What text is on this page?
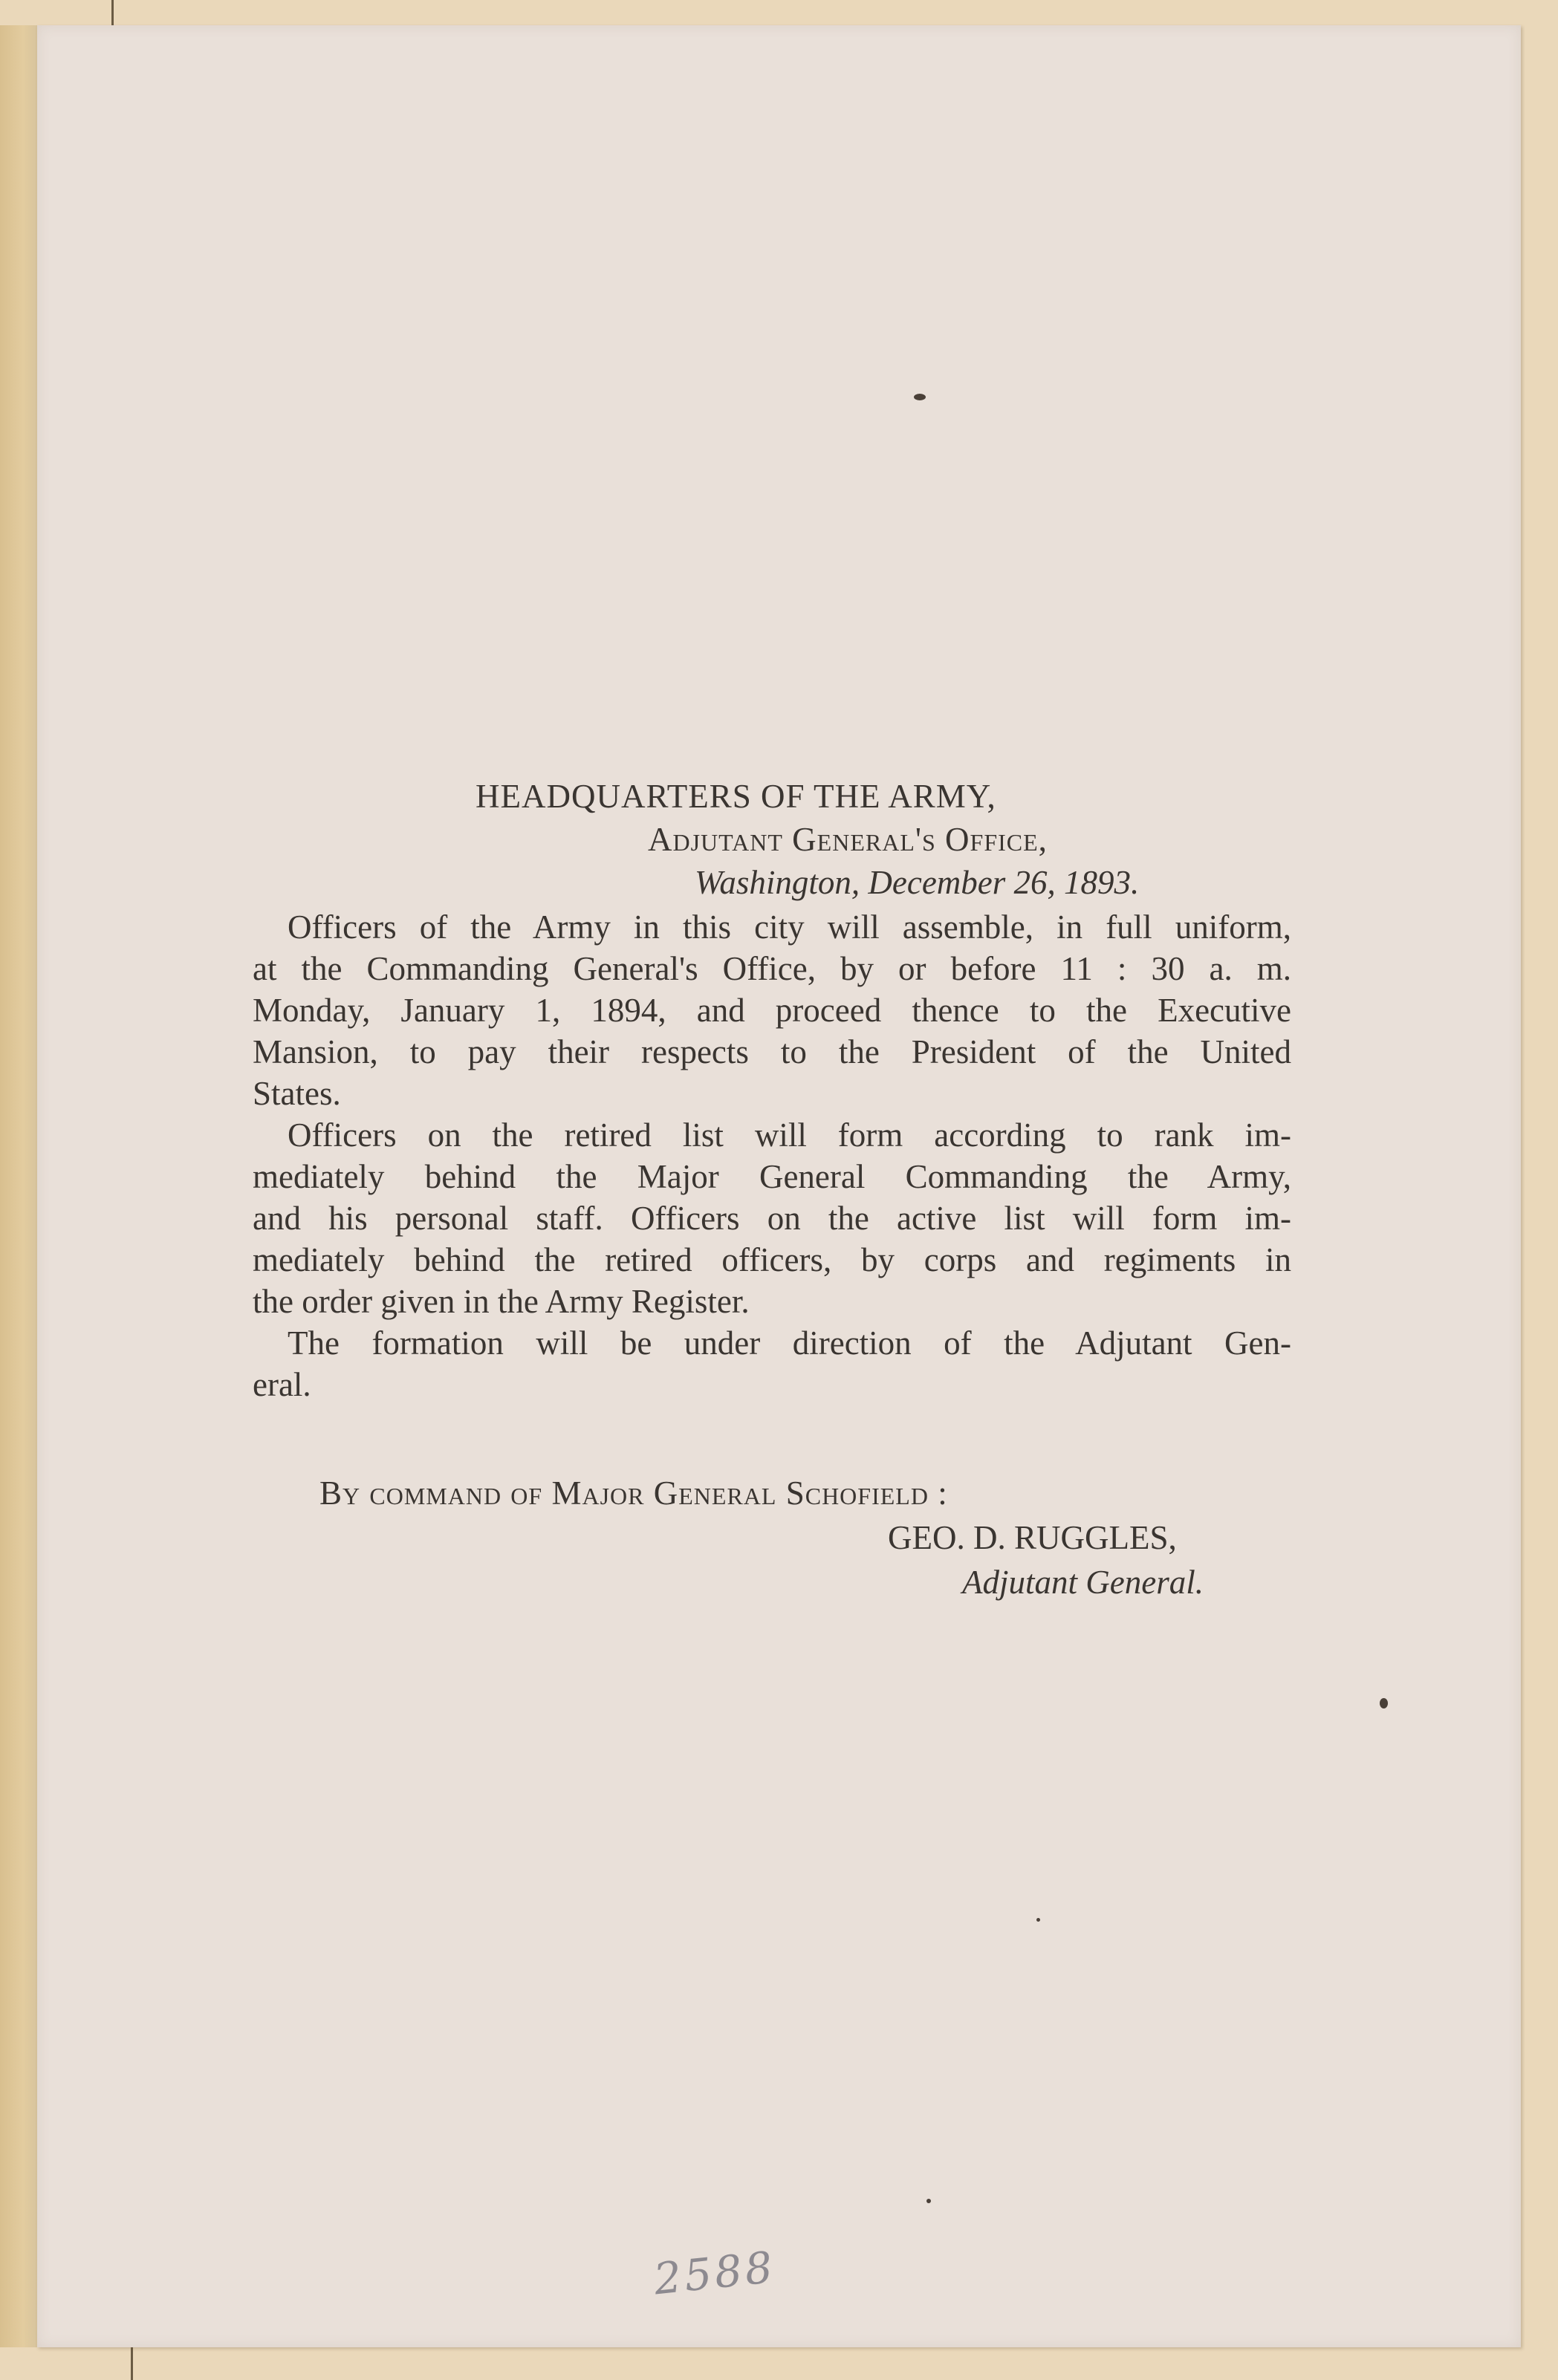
HEADQUARTERS OF THE ARMY,
Adjutant General's Office,
Washington, December 26, 1893.

Officers of the Army in this city will assemble, in full uniform,
at the Commanding General's Office, by or before 11 : 30 a. m.
Monday, January 1, 1894, and proceed thence to the Executive
Mansion, to pay their respects to the President of the United
States.

Officers on the retired list will form according to rank im-
mediately behind the Major General Commanding the Army,
and his personal staff. Officers on the active list will form im-
mediately behind the retired officers, by corps and regiments in
the order given in the Army Register.

The formation will be under direction of the Adjutant Gen-
eral.

By command of Major General Schofield :
GEO. D. RUGGLES,
Adjutant General.
2588
